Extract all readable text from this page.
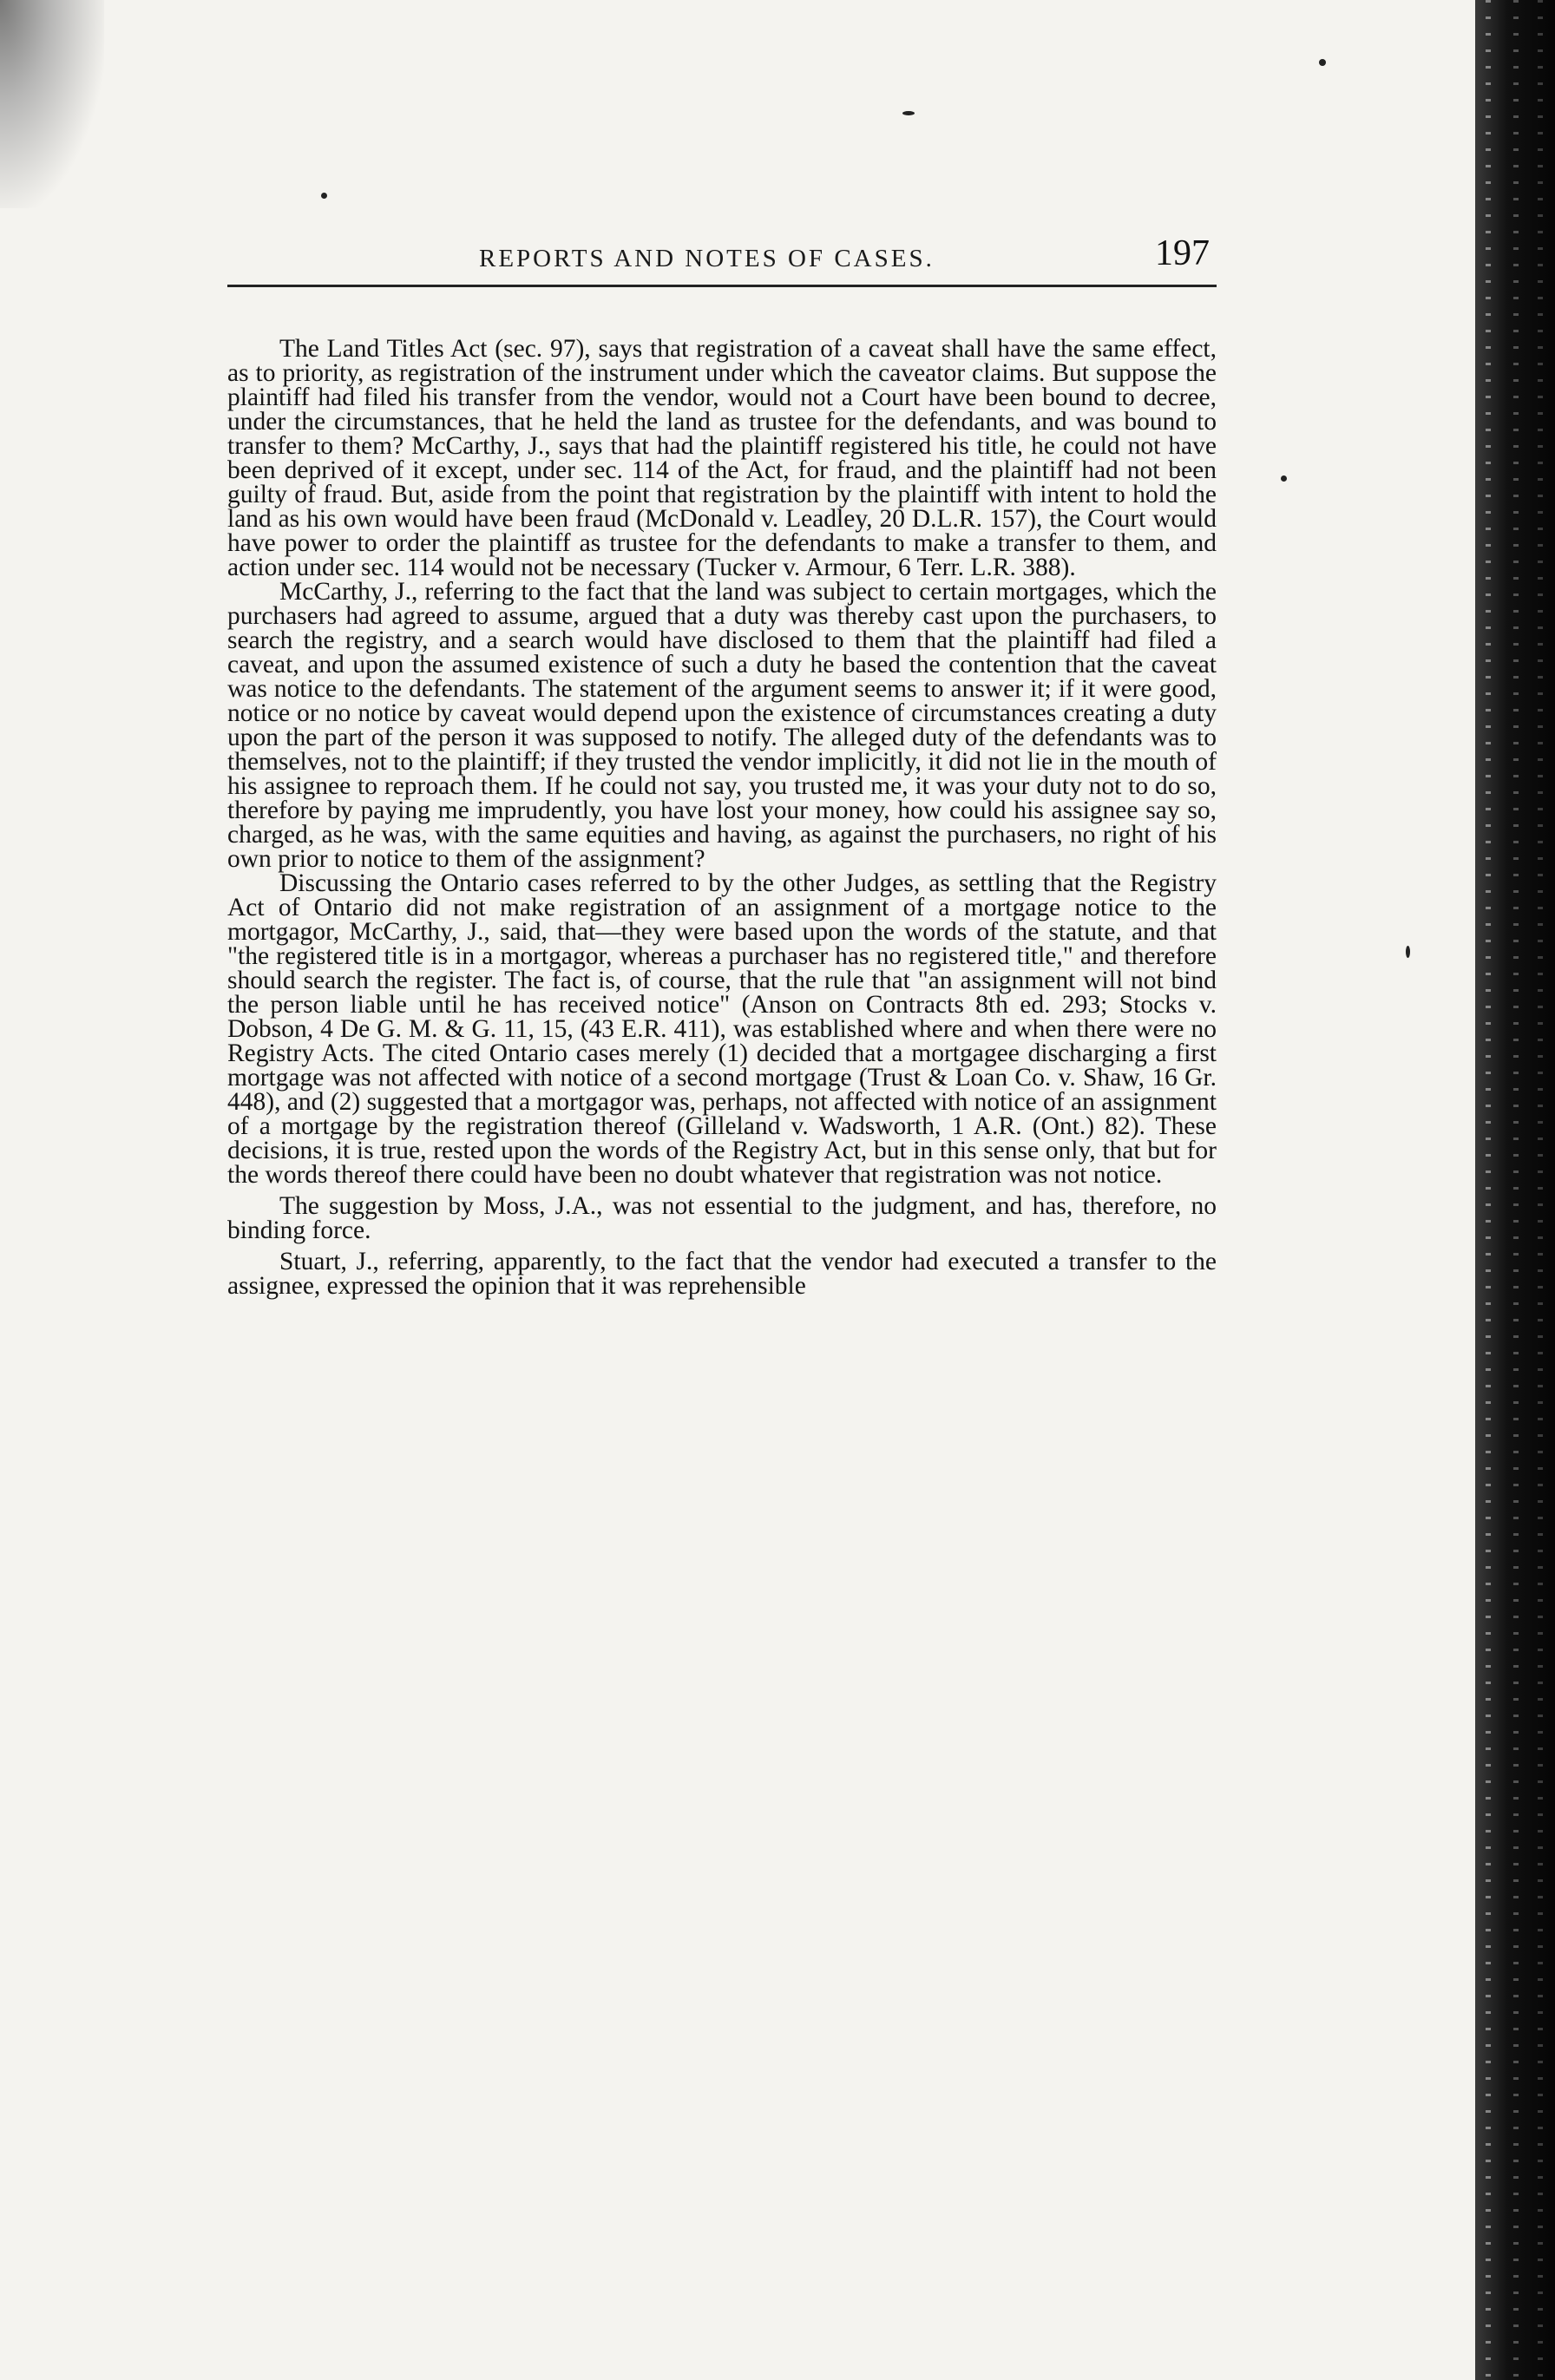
REPORTS AND NOTES OF CASES.	197

The Land Titles Act (sec. 97), says that registration of a caveat shall have the same effect, as to priority, as registration of the instrument under which the caveator claims. But suppose the plaintiff had filed his transfer from the vendor, would not a Court have been bound to decree, under the circumstances, that he held the land as trustee for the defendants, and was bound to transfer to them? McCarthy, J., says that had the plaintiff registered his title, he could not have been deprived of it except, under sec. 114 of the Act, for fraud, and the plaintiff had not been guilty of fraud. But, aside from the point that registration by the plaintiff with intent to hold the land as his own would have been fraud (McDonald v. Leadley, 20 D.L.R. 157), the Court would have power to order the plaintiff as trustee for the defendants to make a transfer to them, and action under sec. 114 would not be necessary (Tucker v. Armour, 6 Terr. L.R. 388).

McCarthy, J., referring to the fact that the land was subject to certain mortgages, which the purchasers had agreed to assume, argued that a duty was thereby cast upon the purchasers, to search the registry, and a search would have disclosed to them that the plaintiff had filed a caveat, and upon the assumed existence of such a duty he based the contention that the caveat was notice to the defendants. The statement of the argument seems to answer it; if it were good, notice or no notice by caveat would depend upon the existence of circumstances creating a duty upon the part of the person it was supposed to notify. The alleged duty of the defendants was to themselves, not to the plaintiff; if they trusted the vendor implicitly, it did not lie in the mouth of his assignee to reproach them. If he could not say, you trusted me, it was your duty not to do so, therefore by paying me imprudently, you have lost your money, how could his assignee say so, charged, as he was, with the same equities and having, as against the purchasers, no right of his own prior to notice to them of the assignment?

Discussing the Ontario cases referred to by the other Judges, as settling that the Registry Act of Ontario did not make registration of an assignment of a mortgage notice to the mortgagor, McCarthy, J., said, that—they were based upon the words of the statute, and that "the registered title is in a mortgagor, whereas a purchaser has no registered title," and therefore should search the register. The fact is, of course, that the rule that "an assignment will not bind the person liable until he has received notice" (Anson on Contracts 8th ed. 293; Stocks v. Dobson, 4 De G. M. & G. 11, 15, (43 E.R. 411), was established where and when there were no Registry Acts. The cited Ontario cases merely (1) decided that a mortgagee discharging a first mortgage was not affected with notice of a second mortgage (Trust & Loan Co. v. Shaw, 16 Gr. 448), and (2) suggested that a mortgagor was, perhaps, not affected with notice of an assignment of a mortgage by the registration thereof (Gilleland v. Wadsworth, 1 A.R. (Ont.) 82). These decisions, it is true, rested upon the words of the Registry Act, but in this sense only, that but for the words thereof there could have been no doubt whatever that registration was not notice.

The suggestion by Moss, J.A., was not essential to the judgment, and has, therefore, no binding force.

Stuart, J., referring, apparently, to the fact that the vendor had executed a transfer to the assignee, expressed the opinion that it was reprehensible
